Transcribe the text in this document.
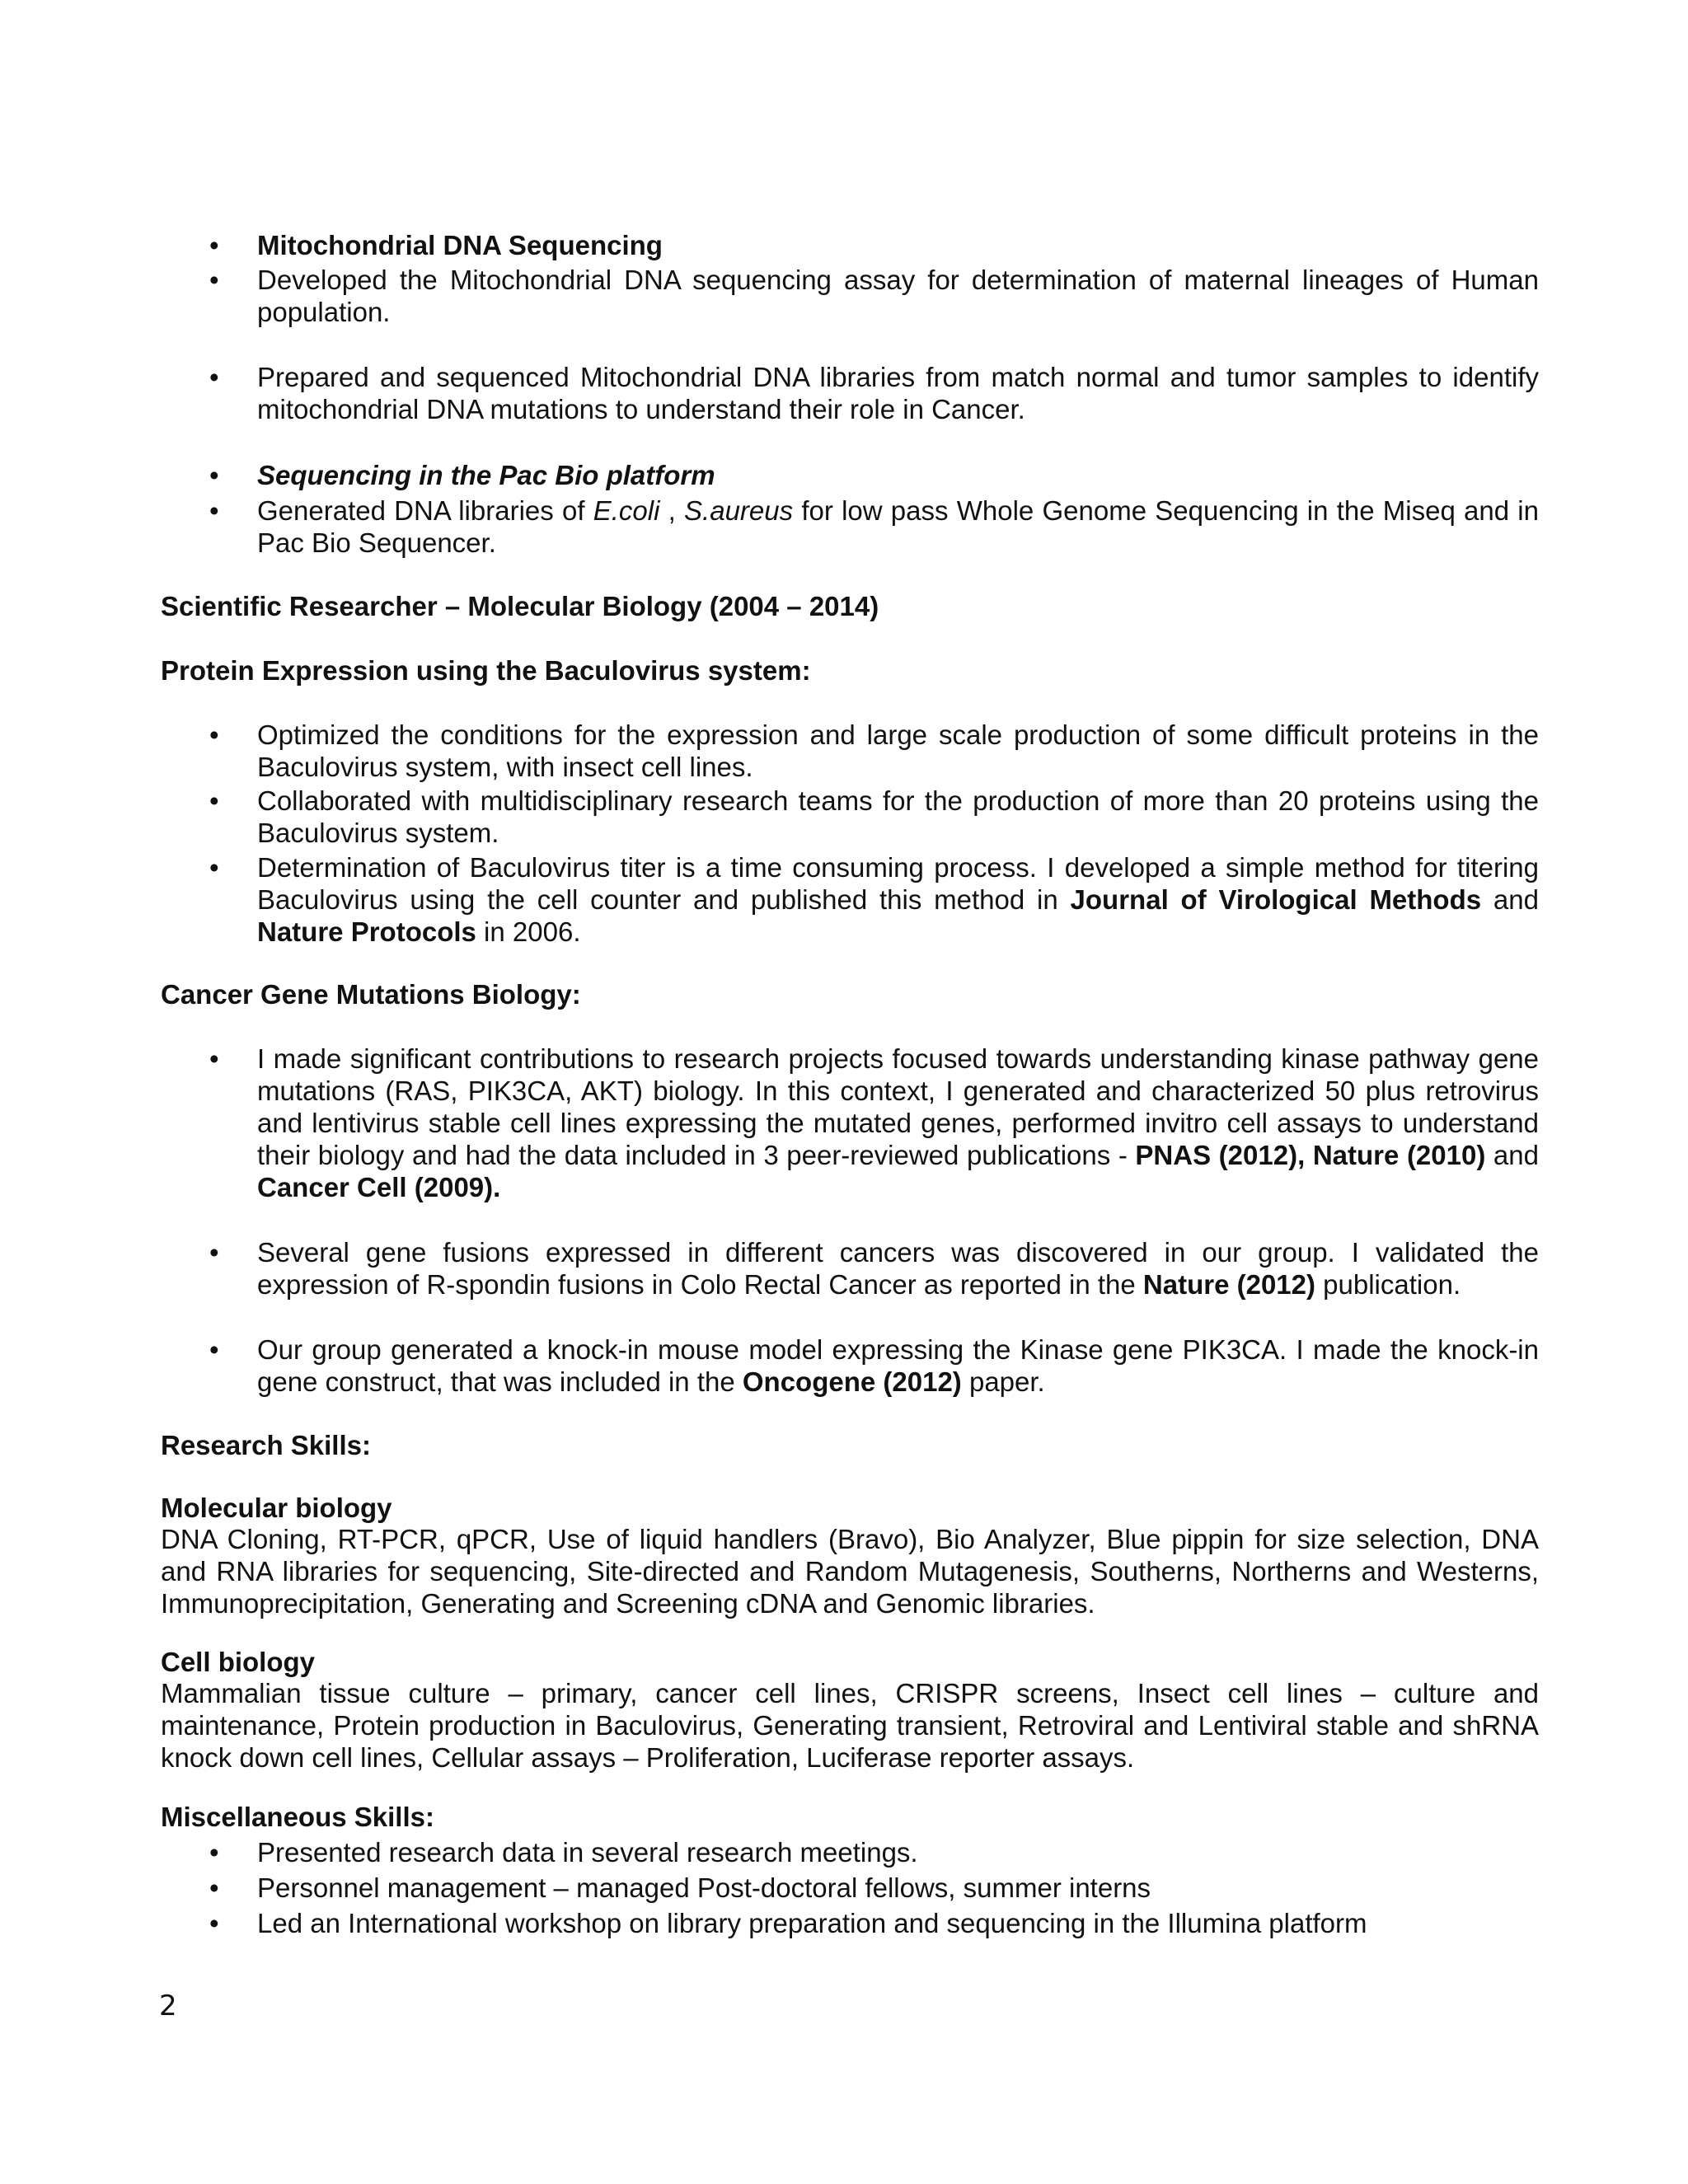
• Mitochondrial DNA Sequencing
• Developed the Mitochondrial DNA sequencing assay for determination of maternal lineages of Human population.
• Prepared and sequenced Mitochondrial DNA libraries from match normal and tumor samples to identify mitochondrial DNA mutations to understand their role in Cancer.
• Sequencing in the Pac Bio platform
• Generated DNA libraries of E.coli , S.aureus for low pass Whole Genome Sequencing in the Miseq and in Pac Bio Sequencer.
Scientific Researcher – Molecular Biology (2004 – 2014)
Protein Expression using the Baculovirus system:
• Optimized the conditions for the expression and large scale production of some difficult proteins in the Baculovirus system, with insect cell lines.
• Collaborated with multidisciplinary research teams for the production of more than 20 proteins using the Baculovirus system.
• Determination of Baculovirus titer is a time consuming process. I developed a simple method for titering Baculovirus using the cell counter and published this method in Journal of Virological Methods and Nature Protocols in 2006.
Cancer Gene Mutations Biology:
• I made significant contributions to research projects focused towards understanding kinase pathway gene mutations (RAS, PIK3CA, AKT) biology. In this context, I generated and characterized 50 plus retrovirus and lentivirus stable cell lines expressing the mutated genes, performed invitro cell assays to understand their biology and had the data included in 3 peer-reviewed publications - PNAS (2012), Nature (2010) and Cancer Cell (2009).
• Several gene fusions expressed in different cancers was discovered in our group. I validated the expression of R-spondin fusions in Colo Rectal Cancer as reported in the Nature (2012) publication.
• Our group generated a knock-in mouse model expressing the Kinase gene PIK3CA. I made the knock-in gene construct, that was included in the Oncogene (2012) paper.
Research Skills:
Molecular biology
DNA Cloning, RT-PCR, qPCR, Use of liquid handlers (Bravo), Bio Analyzer, Blue pippin for size selection, DNA and RNA libraries for sequencing, Site-directed and Random Mutagenesis, Southerns, Northerns and Westerns, Immunoprecipitation, Generating and Screening cDNA and Genomic libraries.
Cell biology
Mammalian tissue culture – primary, cancer cell lines, CRISPR screens, Insect cell lines – culture and maintenance, Protein production in Baculovirus, Generating transient, Retroviral and Lentiviral stable and shRNA knock down cell lines, Cellular assays – Proliferation, Luciferase reporter assays.
Miscellaneous Skills:
• Presented research data in several research meetings.
• Personnel management – managed Post-doctoral fellows, summer interns
• Led an International workshop on library preparation and sequencing in the Illumina platform
2
